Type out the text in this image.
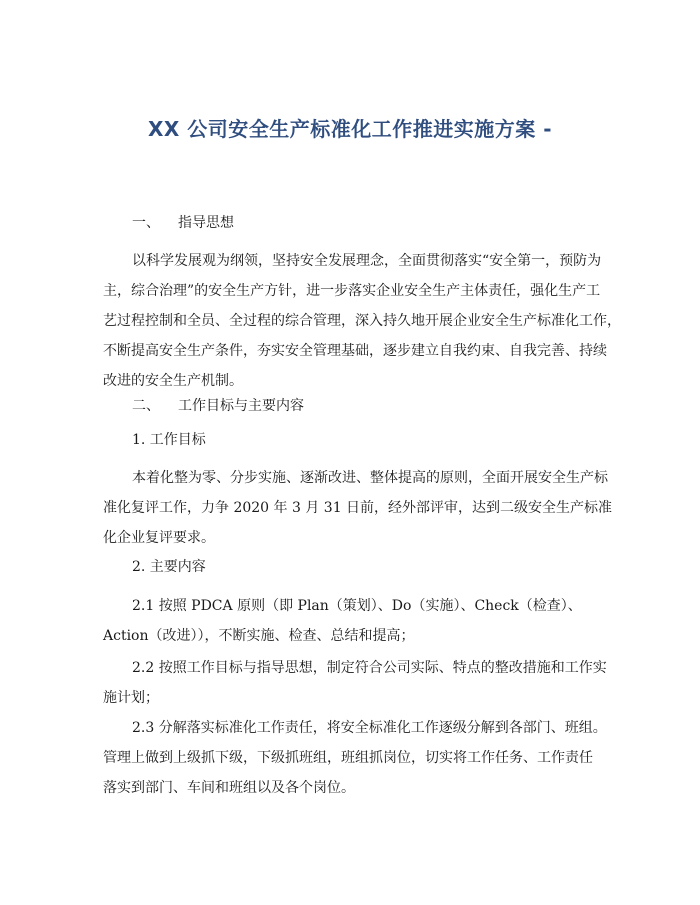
XX 公司安全生产标准化工作推进实施方案 -
一、 指导思想
以科学发展观为纲领，坚持安全发展理念，全面贯彻落实“安全第一，预防为
主，综合治理”的安全生产方针，进一步落实企业安全生产主体责任，强化生产工
艺过程控制和全员、全过程的综合管理，深入持久地开展企业安全生产标准化工作，
不断提高安全生产条件，夯实安全管理基础，逐步建立自我约束、自我完善、持续
改进的安全生产机制。
二、 工作目标与主要内容
1. 工作目标
本着化整为零、分步实施、逐渐改进、整体提高的原则，全面开展安全生产标
准化复评工作，力争 2020 年 3 月 31 日前，经外部评审，达到二级安全生产标准
化企业复评要求。
2. 主要内容
2.1 按照 PDCA 原则（即 Plan（策划）、Do（实施）、Check（检查）、
Action（改进）），不断实施、检查、总结和提高；
2.2 按照工作目标与指导思想，制定符合公司实际、特点的整改措施和工作实
施计划；
2.3 分解落实标准化工作责任，将安全标准化工作逐级分解到各部门、班组。
管理上做到上级抓下级，下级抓班组，班组抓岗位，切实将工作任务、工作责任
落实到部门、车间和班组以及各个岗位。
